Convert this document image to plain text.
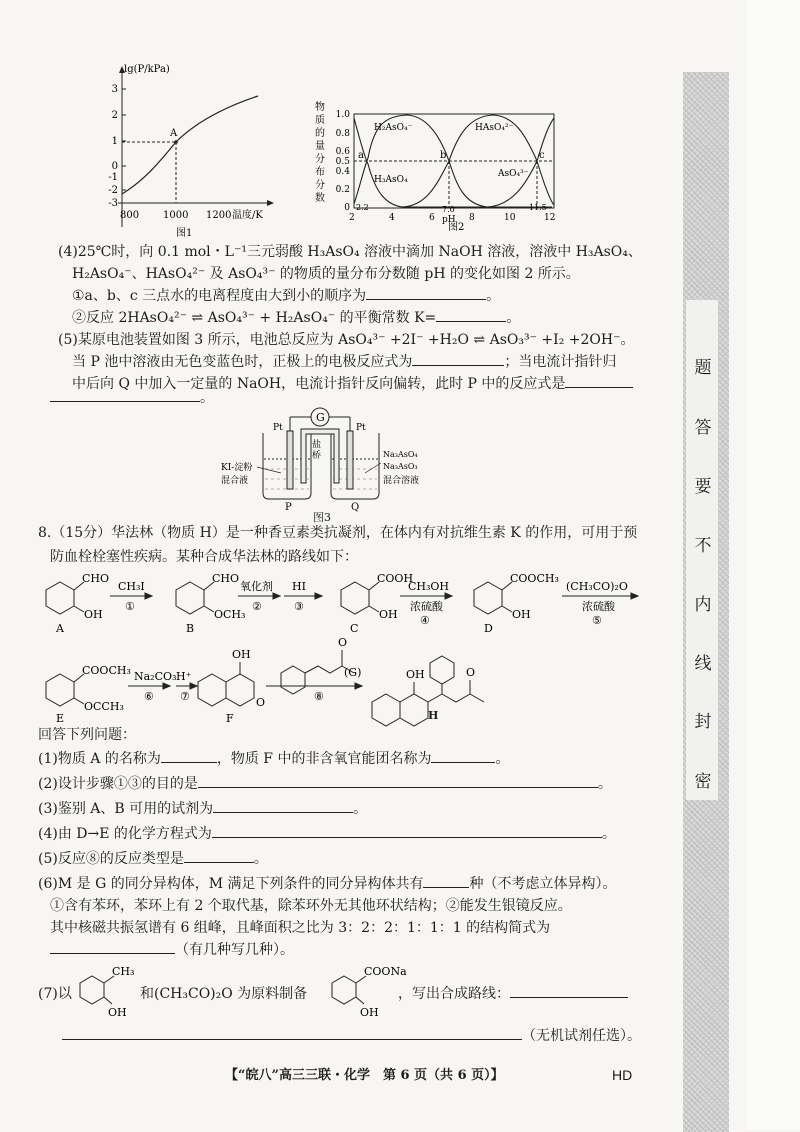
密
封
线
内
不
要
答
题
lg(P/kPa)
3
2
1
0
-1
-2
-3
A
800 1000 1200 温度/K
图1
物
质
的
量
分
布
分
数
1.0
0.8
0.6
0.5
0.4
0.2
0
H₂AsO₄⁻	HAsO₄²⁻
H₃AsO₄
AsO₄³⁻
a	b	c
2
2.2
4	6
7.0
pH 8	10
11.5
12
图2
(4)25℃时，向 0.1 mol・L⁻¹三元弱酸 H₃AsO₄ 溶液中滴加 NaOH 溶液，溶液中 H₃AsO₄、
H₂AsO₄⁻、HAsO₄²⁻ 及 AsO₄³⁻ 的物质的量分布分数随 pH 的变化如图 2 所示。
①a、b、c 三点水的电离程度由大到小的顺序为	。
②反应 2HAsO₄²⁻ ⇌ AsO₄³⁻ + H₂AsO₄⁻ 的平衡常数 K=	。
(5)某原电池装置如图 3 所示，电池总反应为 AsO₄³⁻ +2I⁻ +H₂O ⇌ AsO₃³⁻ +I₂ +2OH⁻。
当 P 池中溶液由无色变蓝色时，正极上的电极反应式为	；当电流计指针归
中后向 Q 中加入一定量的 NaOH，电流计指针反向偏转，此时 P 中的反应式是
。
G
Pt	Pt
盐
桥
KI-淀粉
混合液
Na₃AsO₄
Na₃AsO₃
混合溶液
P	Q
图3
8.（15分）华法林（物质 H）是一种香豆素类抗凝剂，在体内有对抗维生素 K 的作用，可用于预
防血栓栓塞性疾病。某种合成华法林的路线如下：
CHO
OH
A
CH₃I
①
CHO
OCH₃
B
氧化剂
②
HI
③
COOH
OH
C
CH₃OH
浓硫酸
④
COOCH₃
OH
D
(CH₃CO)₂O
浓硫酸
⑤
COOCH₃
OCCH₃
E
Na₂CO₃
⑥
H⁺
⑦
OH
O
F
O
(G)
⑧
OH	O
H
回答下列问题：
(1)物质 A 的名称为	，物质 F 中的非含氧官能团名称为	。
(2)设计步骤①③的目的是	。
(3)鉴别 A、B 可用的试剂为	。
(4)由 D→E 的化学方程式为	。
(5)反应⑧的反应类型是	。
(6)M 是 G 的同分异构体，M 满足下列条件的同分异构体共有	种（不考虑立体异构）。
①含有苯环，苯环上有 2 个取代基，除苯环外无其他环状结构；②能发生银镜反应。
其中核磁共振氢谱有 6 组峰，且峰面积之比为 3：2：2：1：1：1 的结构简式为
（有几种写几种）。
(7)以
CH₃
OH
和(CH₃CO)₂O 为原料制备
COONa
OH
，写出合成路线：
（无机试剂任选）。
【“皖八”高三三联・化学　第 6 页（共 6 页）】	HD
